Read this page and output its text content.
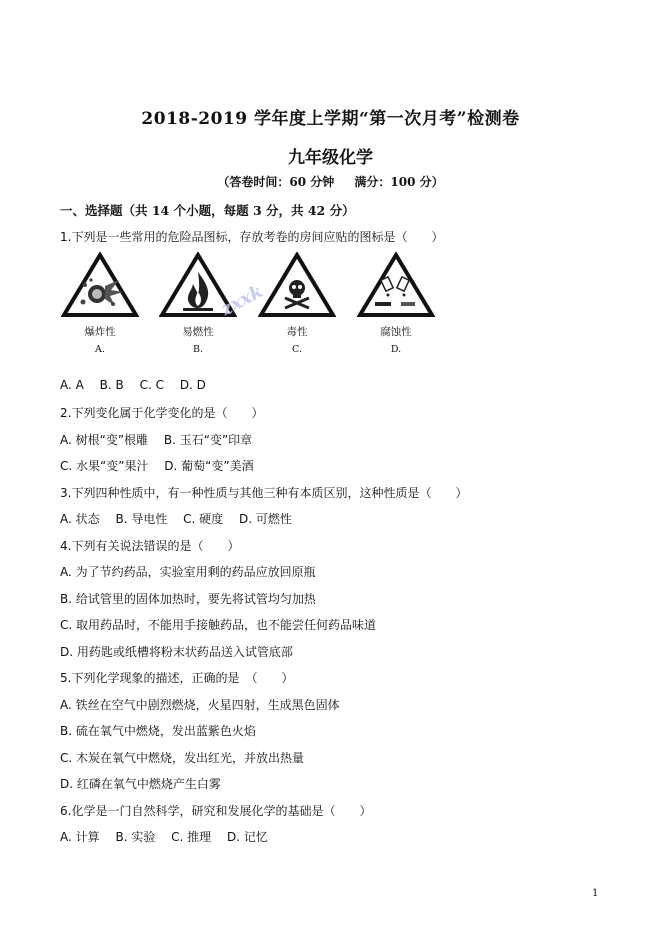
2018-2019 学年度上学期“第一次月考”检测卷
九年级化学
（答卷时间：60 分钟 满分：100 分）
一、选择题（共 14 个小题，每题 3 分，共 42 分）
1.下列是一些常用的危险品图标，存放考卷的房间应贴的图标是（　　）
爆炸性
A.
易燃性
B.
毒性
C.
腐蚀性
D.
zxxk
A. A B. B C. C D. D
2.下列变化属于化学变化的是（　　）
A. 树根“变”根雕 B. 玉石“变”印章
C. 水果“变”果汁 D. 葡萄“变”美酒
3.下列四种性质中，有一种性质与其他三种有本质区别，这种性质是（　　）
A. 状态 B. 导电性 C. 硬度 D. 可燃性
4.下列有关说法错误的是（　　）
A. 为了节约药品，实验室用剩的药品应放回原瓶
B. 给试管里的固体加热时，要先将试管均匀加热
C. 取用药品时，不能用手接触药品，也不能尝任何药品味道
D. 用药匙或纸槽将粉末状药品送入试管底部
5.下列化学现象的描述，正确的是　（　　）
A. 铁丝在空气中剧烈燃烧，火星四射，生成黑色固体
B. 硫在氧气中燃烧，发出蓝紫色火焰
C. 木炭在氧气中燃烧，发出红光，并放出热量
D. 红磷在氧气中燃烧产生白雾
6.化学是一门自然科学，研究和发展化学的基础是（　　）
A. 计算 B. 实验 C. 推理 D. 记忆
1
